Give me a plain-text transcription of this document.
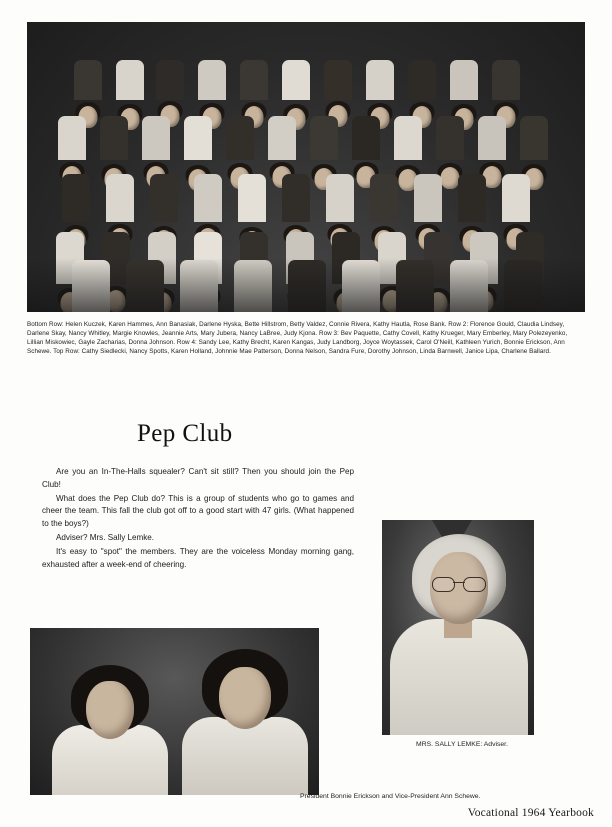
Bottom Row: Helen Kuczek, Karen Hammes, Ann Banasiak, Darlene Hyska, Bette Hillstrom, Betty Valdez, Connie Rivera, Kathy Hautla, Rose Bank. Row 2: Florence Gould, Claudia Lindsey, Darlene Skay, Nancy Whitley, Margie Knowles, Jeannie Arts, Mary Jubera, Nancy LaBree, Judy Kjona. Row 3: Bev Paquette, Cathy Covell, Kathy Krueger, Mary Emberley, Mary Polezeyenko, Lillian Miskowiec, Gayle Zacharias, Donna Johnson. Row 4: Sandy Lee, Kathy Brecht, Karen Kangas, Judy Landborg, Joyce Woytassek, Carol O'Neill, Kathleen Yurich, Bonnie Erickson, Ann Schewe. Top Row: Cathy Siedlecki, Nancy Spotts, Karen Holland, Johnnie Mae Patterson, Donna Nelson, Sandra Fure, Dorothy Johnson, Linda Barnwell, Janice Lipa, Charlene Ballard.
Pep Club

Are you an In-The-Halls squealer? Can't sit still? Then you should join the Pep Club!

What does the Pep Club do? This is a group of students who go to games and cheer the team. This fall the club got off to a good start with 47 girls. (What happened to the boys?)

Adviser? Mrs. Sally Lemke.

It's easy to "spot" the members. They are the voiceless Monday morning gang, exhausted after a week-end of cheering.

MRS. SALLY LEMKE: Adviser.
President Bonnie Erickson and Vice-President Ann Schewe.
Vocational 1964 Yearbook
